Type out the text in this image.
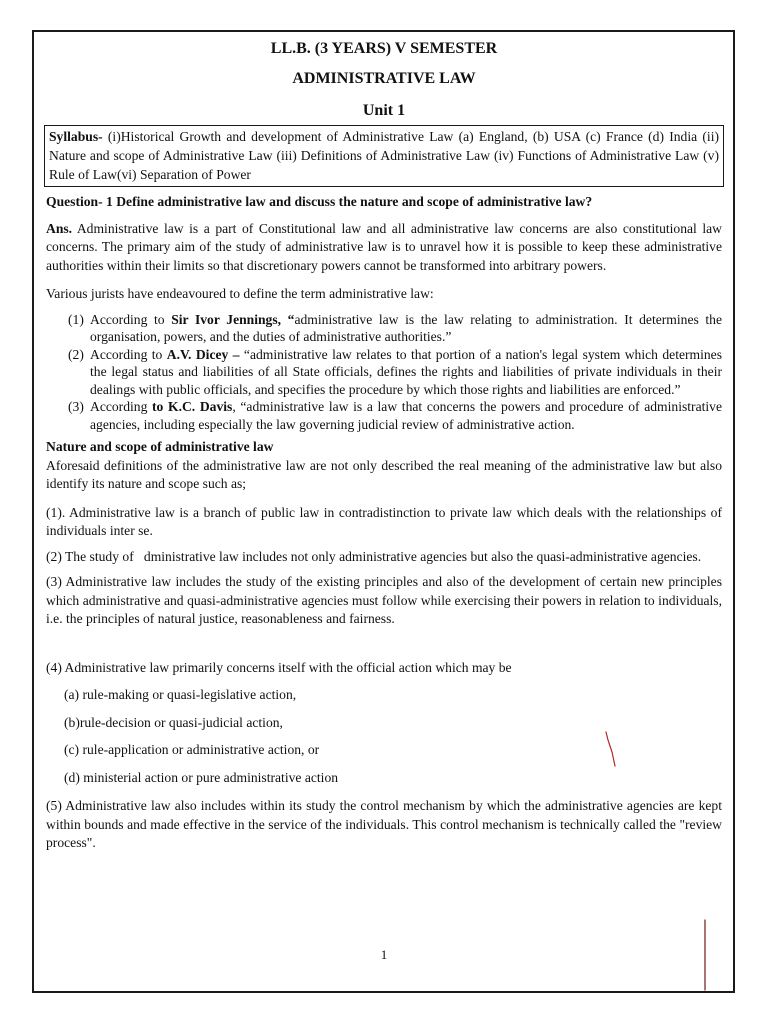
LL.B. (3 YEARS) V SEMESTER
ADMINISTRATIVE LAW
Unit 1
Syllabus- (i)Historical Growth and development of Administrative Law (a) England, (b) USA (c) France (d) India (ii) Nature and scope of Administrative Law (iii) Definitions of Administrative Law (iv) Functions of Administrative Law (v) Rule of Law(vi) Separation of Power

Question- 1 Define administrative law and discuss the nature and scope of administrative law?

Ans. Administrative law is a part of Constitutional law and all administrative law concerns are also constitutional law concerns. The primary aim of the study of administrative law is to unravel how it is possible to keep these administrative authorities within their limits so that discretionary powers cannot be transformed into arbitrary powers.

Various jurists have endeavoured to define the term administrative law:

(1) According to Sir Ivor Jennings, “administrative law is the law relating to administration. It determines the organisation, powers, and the duties of administrative authorities.”
(2) According to A.V. Dicey – “administrative law relates to that portion of a nation's legal system which determines the legal status and liabilities of all State officials, defines the rights and liabilities of private individuals in their dealings with public officials, and specifies the procedure by which those rights and liabilities are enforced.”
(3) According to K.C. Davis, “administrative law is a law that concerns the powers and procedure of administrative agencies, including especially the law governing judicial review of administrative action.

Nature and scope of administrative law

Aforesaid definitions of the administrative law are not only described the real meaning of the administrative law but also identify its nature and scope such as;

(1). Administrative law is a branch of public law in contradistinction to private law which deals with the relationships of individuals inter se.

(2) The study of   dministrative law includes not only administrative agencies but also the quasi-administrative agencies.

(3) Administrative law includes the study of the existing principles and also of the development of certain new principles which administrative and quasi-administrative agencies must follow while exercising their powers in relation to individuals, i.e. the principles of natural justice, reasonableness and fairness.

(4) Administrative law primarily concerns itself with the official action which may be

(a) rule-making or quasi-legislative action,

(b)rule-decision or quasi-judicial action,

(c) rule-application or administrative action, or

(d) ministerial action or pure administrative action

(5) Administrative law also includes within its study the control mechanism by which the administrative agencies are kept within bounds and made effective in the service of the individuals. This control mechanism is technically called the "review process".

1
